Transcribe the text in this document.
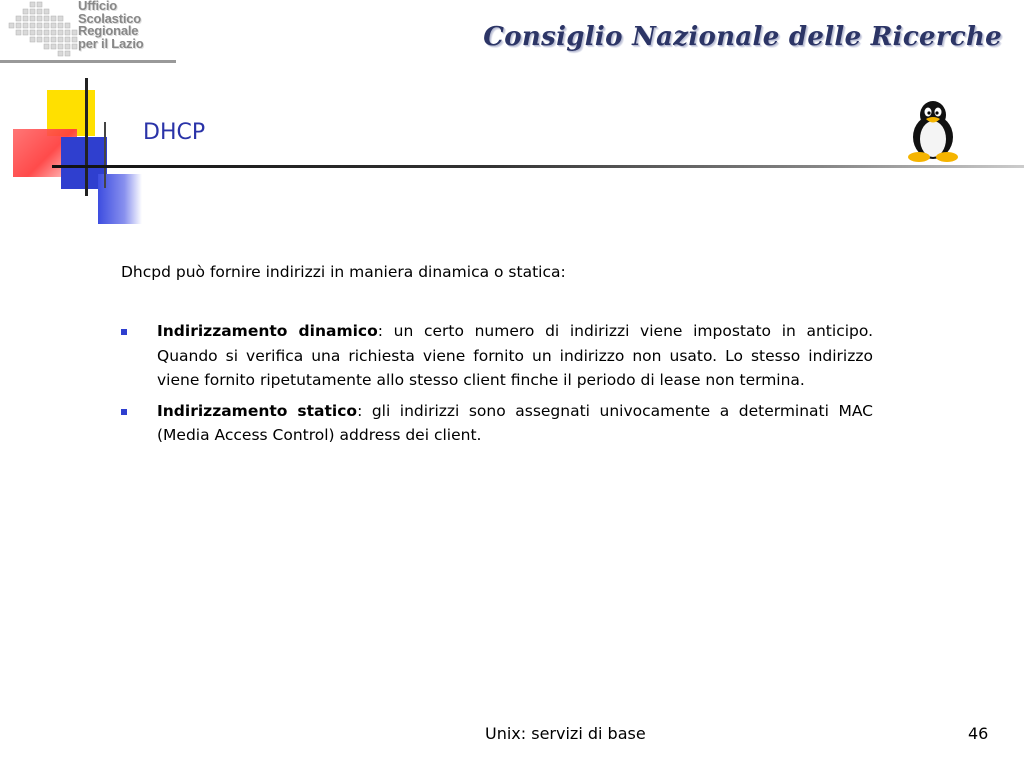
Ufficio
Scolastico
Regionale
per il Lazio	Consiglio Nazionale delle Ricerche
DHCP

Dhcpd può fornire indirizzi in maniera dinamica o statica:

Indirizzamento dinamico: un certo numero di indirizzi viene impostato in anticipo. Quando si verifica una richiesta viene fornito un indirizzo non usato. Lo stesso indirizzo viene fornito ripetutamente allo stesso client finche il periodo di lease non termina.
Indirizzamento statico: gli indirizzi sono assegnati univocamente a determinati MAC (Media Access Control) address dei client.
Unix: servizi di base	46
